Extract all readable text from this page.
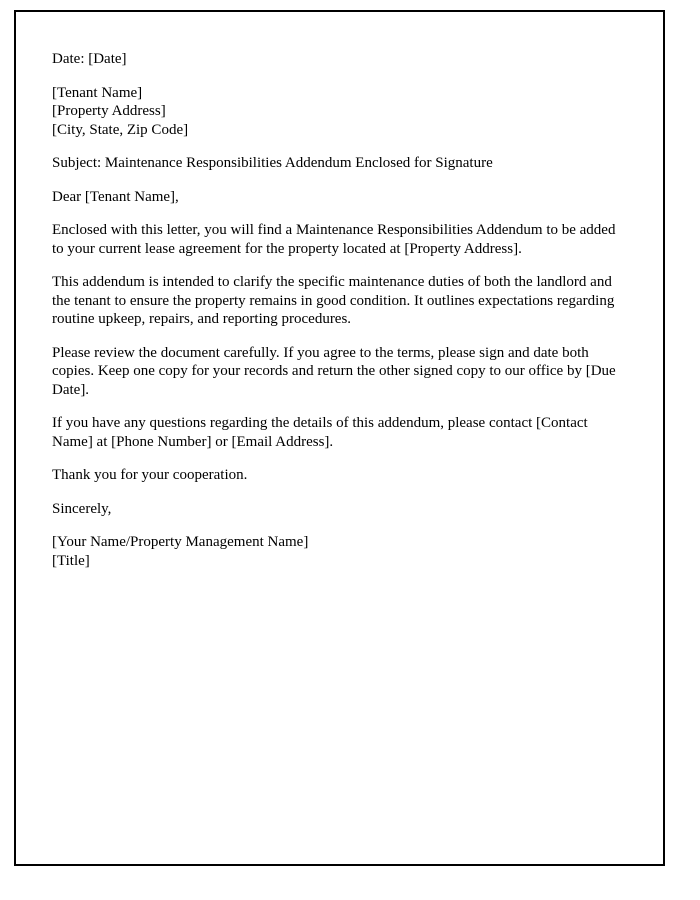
Date: [Date]

[Tenant Name]
[Property Address]
[City, State, Zip Code]

Subject: Maintenance Responsibilities Addendum Enclosed for Signature

Dear [Tenant Name],

Enclosed with this letter, you will find a Maintenance Responsibilities Addendum to be added to your current lease agreement for the property located at [Property Address].

This addendum is intended to clarify the specific maintenance duties of both the landlord and the tenant to ensure the property remains in good condition. It outlines expectations regarding routine upkeep, repairs, and reporting procedures.

Please review the document carefully. If you agree to the terms, please sign and date both copies. Keep one copy for your records and return the other signed copy to our office by [Due Date].

If you have any questions regarding the details of this addendum, please contact [Contact Name] at [Phone Number] or [Email Address].

Thank you for your cooperation.

Sincerely,

[Your Name/Property Management Name]
[Title]
